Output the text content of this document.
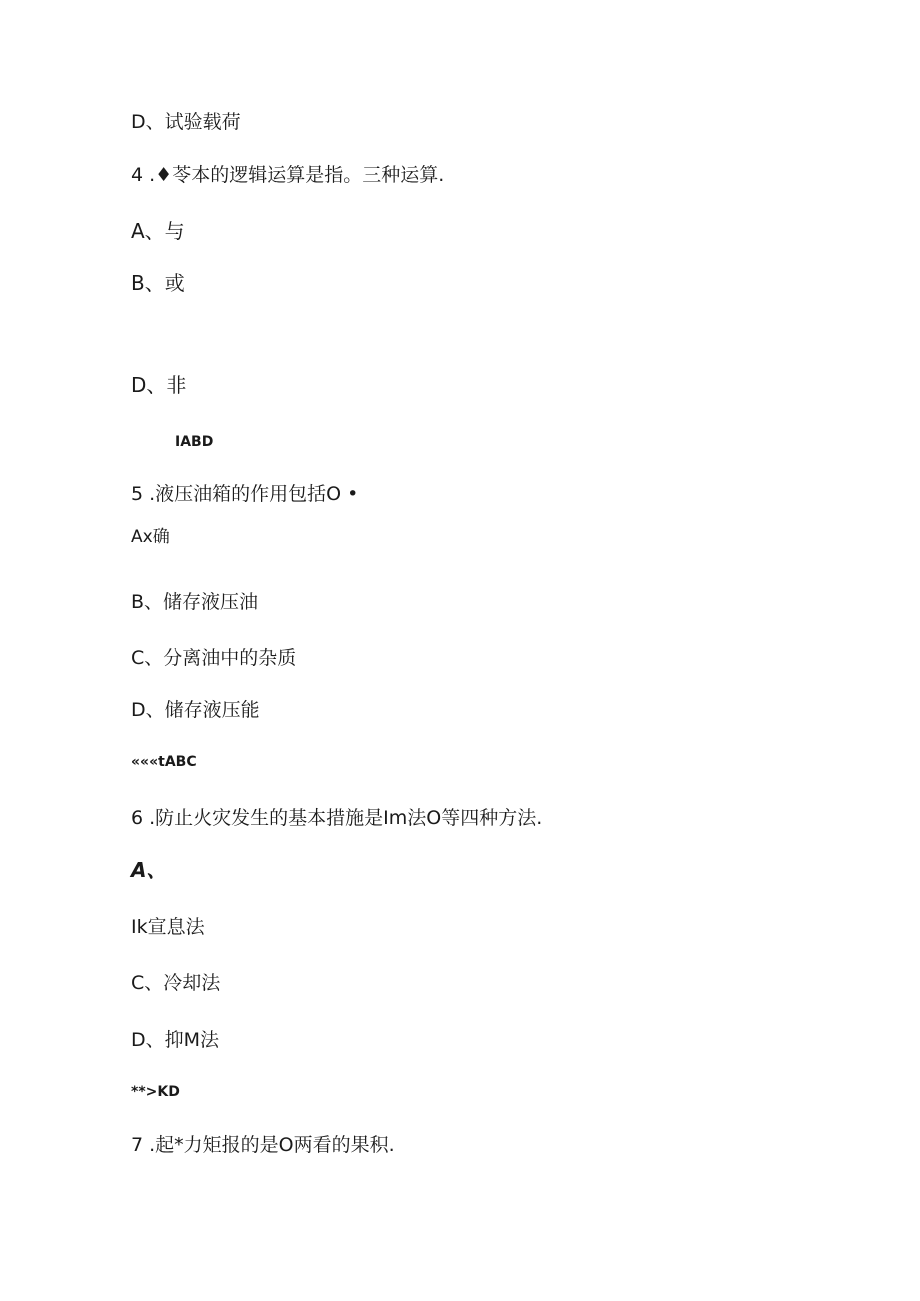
D、试验载荷
4 .♦苓本的逻辑运算是指。三种运算.
A、与
B、或
D、非
IABD
5 .液压油箱的作用包括O •
Ax确
B、储存液压油
C、分离油中的杂质
D、储存液压能
«««tABC
6 .防止火灾发生的基本措施是Im法O等四种方法.
A、
Ik宣息法
C、冷却法
D、抑M法
**>KD
7 .起*力矩报的是O两看的果积.
